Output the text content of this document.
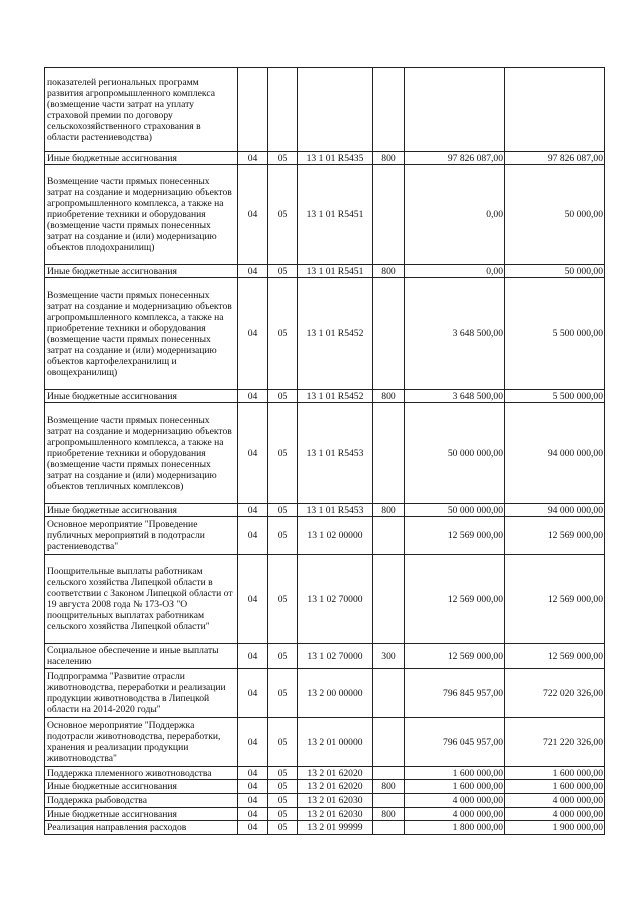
показателей региональных программ развития агропромышленного комплекса (возмещение части затрат на уплату страховой премии по договору сельскохозяйственного страхования в области растениеводства)						
Иные бюджетные ассигнования	04	05	13 1 01 R5435	800	97 826 087,00	97 826 087,00
Возмещение части прямых понесенных затрат на создание и модернизацию объектов агропромышленного комплекса, а также на приобретение техники и оборудования (возмещение части прямых понесенных затрат на создание и (или) модернизацию объектов плодохранилищ)	04	05	13 1 01 R5451		0,00	50 000,00
Иные бюджетные ассигнования	04	05	13 1 01 R5451	800	0,00	50 000,00
Возмещение части прямых понесенных затрат на создание и модернизацию объектов агропромышленного комплекса, а также на приобретение техники и оборудования (возмещение части прямых понесенных затрат на создание и (или) модернизацию объектов картофелехранилищ и овощехранилищ)	04	05	13 1 01 R5452		3 648 500,00	5 500 000,00
Иные бюджетные ассигнования	04	05	13 1 01 R5452	800	3 648 500,00	5 500 000,00
Возмещение части прямых понесенных затрат на создание и модернизацию объектов агропромышленного комплекса, а также на приобретение техники и оборудования (возмещение части прямых понесенных затрат на создание и (или) модернизацию объектов тепличных комплексов)	04	05	13 1 01 R5453		50 000 000,00	94 000 000,00
Иные бюджетные ассигнования	04	05	13 1 01 R5453	800	50 000 000,00	94 000 000,00
Основное мероприятие "Проведение публичных мероприятий в подотрасли растениеводства"	04	05	13 1 02 00000		12 569 000,00	12 569 000,00
Поощрительные выплаты работникам сельского хозяйства Липецкой области в соответствии с Законом Липецкой области от 19 августа 2008 года № 173-ОЗ "О поощрительных выплатах работникам сельского хозяйства Липецкой области"	04	05	13 1 02 70000		12 569 000,00	12 569 000,00
Социальное обеспечение и иные выплаты населению	04	05	13 1 02 70000	300	12 569 000,00	12 569 000,00
Подпрограмма "Развитие отрасли животноводства, переработки и реализации продукции животноводства в Липецкой области на 2014-2020 годы"	04	05	13 2 00 00000		796 845 957,00	722 020 326,00
Основное мероприятие "Поддержка подотрасли животноводства, переработки, хранения и реализации продукции животноводства"	04	05	13 2 01 00000		796 045 957,00	721 220 326,00
Поддержка племенного животноводства	04	05	13 2 01 62020		1 600 000,00	1 600 000,00
Иные бюджетные ассигнования	04	05	13 2 01 62020	800	1 600 000,00	1 600 000,00
Поддержка рыбоводства	04	05	13 2 01 62030		4 000 000,00	4 000 000,00
Иные бюджетные ассигнования	04	05	13 2 01 62030	800	4 000 000,00	4 000 000,00
Реализация направления расходов	04	05	13 2 01 99999		1 800 000,00	1 900 000,00
